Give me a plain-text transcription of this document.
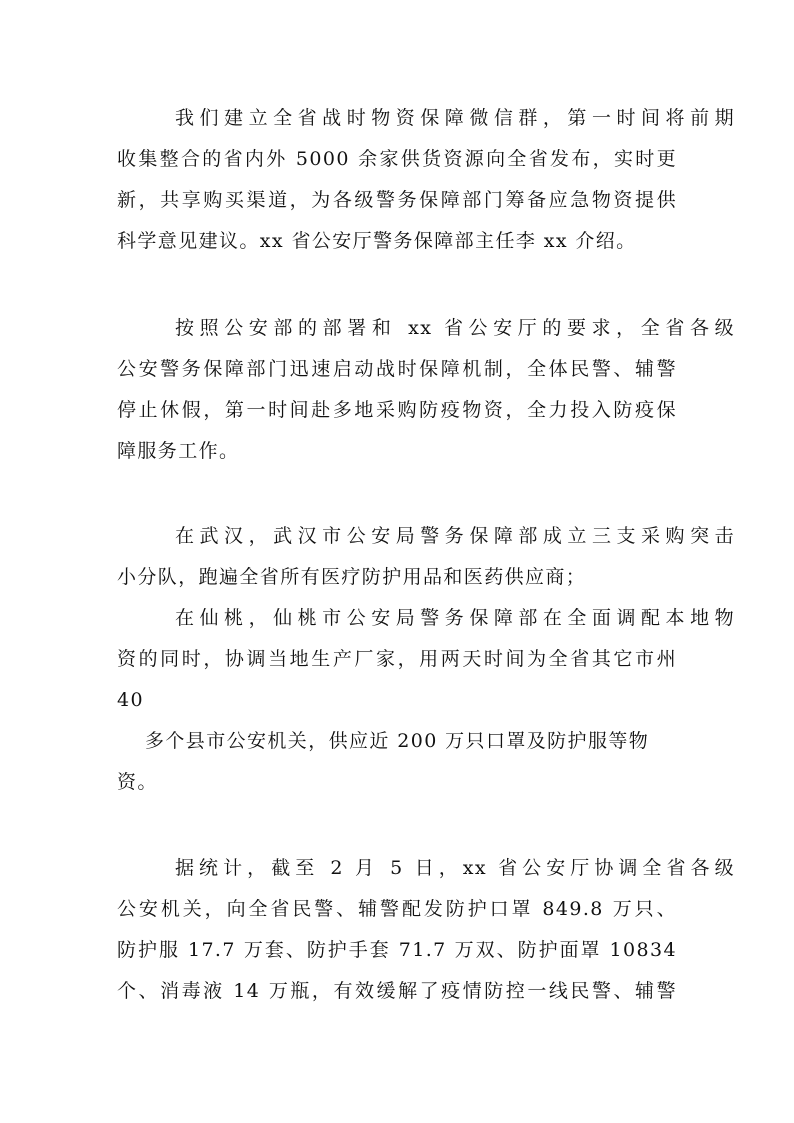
我们建立全省战时物资保障微信群，第一时间将前期
收集整合的省内外 5000 余家供货资源向全省发布，实时更
新，共享购买渠道，为各级警务保障部门筹备应急物资提供
科学意见建议。xx 省公安厅警务保障部主任李 xx 介绍。
按照公安部的部署和 xx 省公安厅的要求，全省各级
公安警务保障部门迅速启动战时保障机制，全体民警、辅警
停止休假，第一时间赴多地采购防疫物资，全力投入防疫保
障服务工作。
在武汉，武汉市公安局警务保障部成立三支采购突击
小分队，跑遍全省所有医疗防护用品和医药供应商；
在仙桃，仙桃市公安局警务保障部在全面调配本地物
资的同时，协调当地生产厂家，用两天时间为全省其它市州
40
多个县市公安机关，供应近 200 万只口罩及防护服等物
资。
据统计，截至 2 月 5 日，xx 省公安厅协调全省各级
公安机关，向全省民警、辅警配发防护口罩 849.8 万只、
防护服 17.7 万套、防护手套 71.7 万双、防护面罩 10834
个、消毒液 14 万瓶，有效缓解了疫情防控一线民警、辅警
